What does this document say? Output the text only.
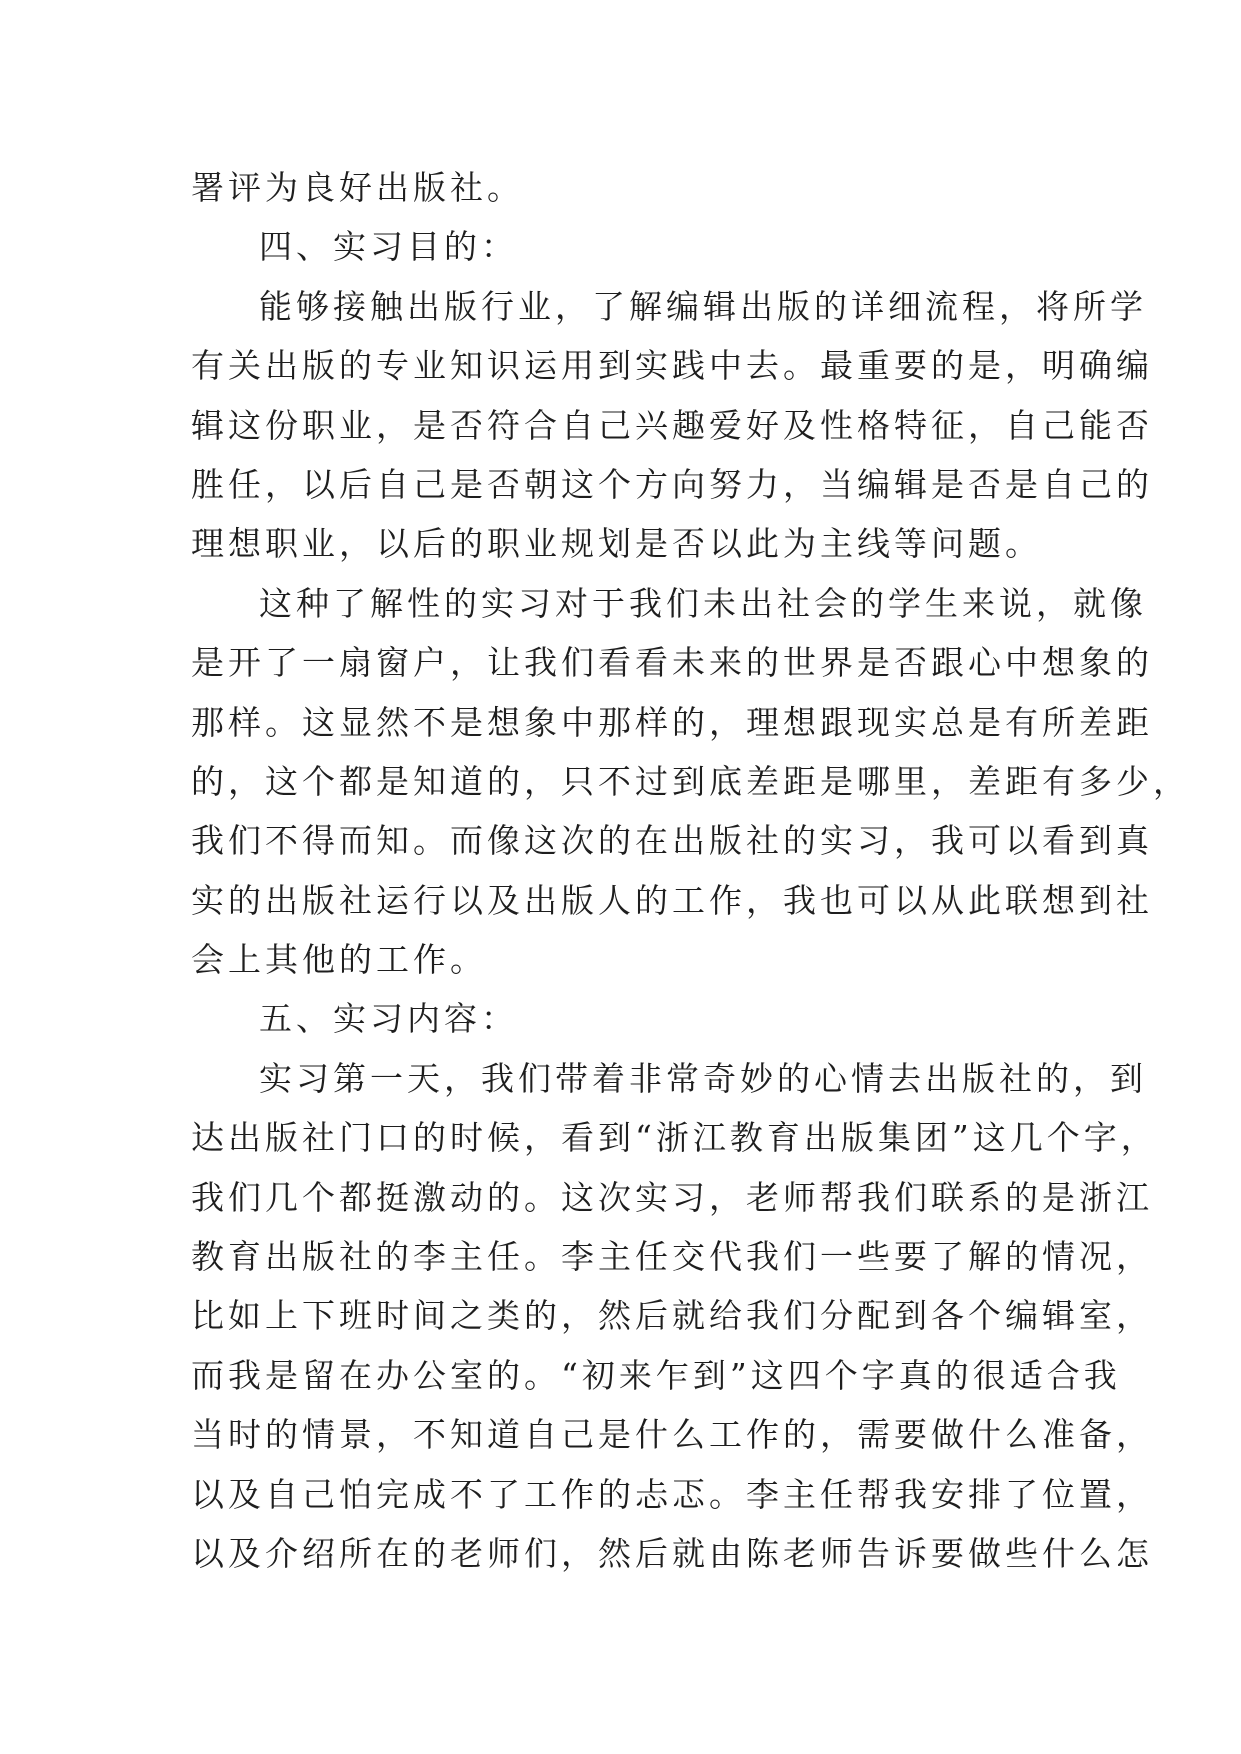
署评为良好出版社。
四、实习目的：
能够接触出版行业，了解编辑出版的详细流程，将所学
有关出版的专业知识运用到实践中去。最重要的是，明确编
辑这份职业，是否符合自己兴趣爱好及性格特征，自己能否
胜任，以后自己是否朝这个方向努力，当编辑是否是自己的
理想职业，以后的职业规划是否以此为主线等问题。
这种了解性的实习对于我们未出社会的学生来说，就像
是开了一扇窗户，让我们看看未来的世界是否跟心中想象的
那样。这显然不是想象中那样的，理想跟现实总是有所差距
的，这个都是知道的，只不过到底差距是哪里，差距有多少，
我们不得而知。而像这次的在出版社的实习，我可以看到真
实的出版社运行以及出版人的工作，我也可以从此联想到社
会上其他的工作。
五、实习内容：
实习第一天，我们带着非常奇妙的心情去出版社的，到
达出版社门口的时候，看到“浙江教育出版集团”这几个字，
我们几个都挺激动的。这次实习，老师帮我们联系的是浙江
教育出版社的李主任。李主任交代我们一些要了解的情况，
比如上下班时间之类的，然后就给我们分配到各个编辑室，
而我是留在办公室的。“初来乍到”这四个字真的很适合我
当时的情景，不知道自己是什么工作的，需要做什么准备，
以及自己怕完成不了工作的忐忑。李主任帮我安排了位置，
以及介绍所在的老师们，然后就由陈老师告诉要做些什么怎
